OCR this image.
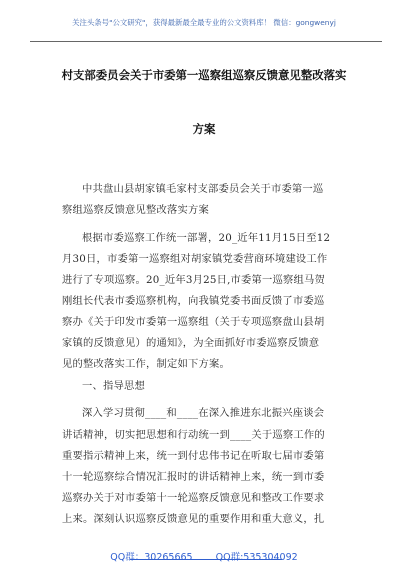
关注头条号"公文研究"，获得最新最全最专业的公文资料库！ 微信：gongwenyj
村支部委员会关于市委第一巡察组巡察反馈意见整改落实
方案
中共盘山县胡家镇毛家村支部委员会关于市委第一巡
察组巡察反馈意见整改落实方案
根据市委巡察工作统一部署，20_近年11月15日至12
月30日，市委第一巡察组对胡家镇党委营商环境建设工作
进行了专项巡察。20_近年3月25日,市委第一巡察组马贺
刚组长代表市委巡察机构，向我镇党委书面反馈了市委巡
察办《关于印发市委第一巡察组（关于专项巡察盘山县胡
家镇的反馈意见）的通知》，为全面抓好市委巡察反馈意
见的整改落实工作，制定如下方案。
一、指导思想
深入学习贯彻____和____在深入推进东北振兴座谈会
讲话精神，切实把思想和行动统一到____关于巡察工作的
重要指示精神上来，统一到付忠伟书记在听取七届市委第
十一轮巡察综合情况汇报时的讲话精神上来，统一到市委
巡察办关于对市委第十一轮巡察反馈意见和整改工作要求
上来。深刻认识巡察反馈意见的重要作用和重大意义，扎
QQ群：30265665 QQ群:535304092
